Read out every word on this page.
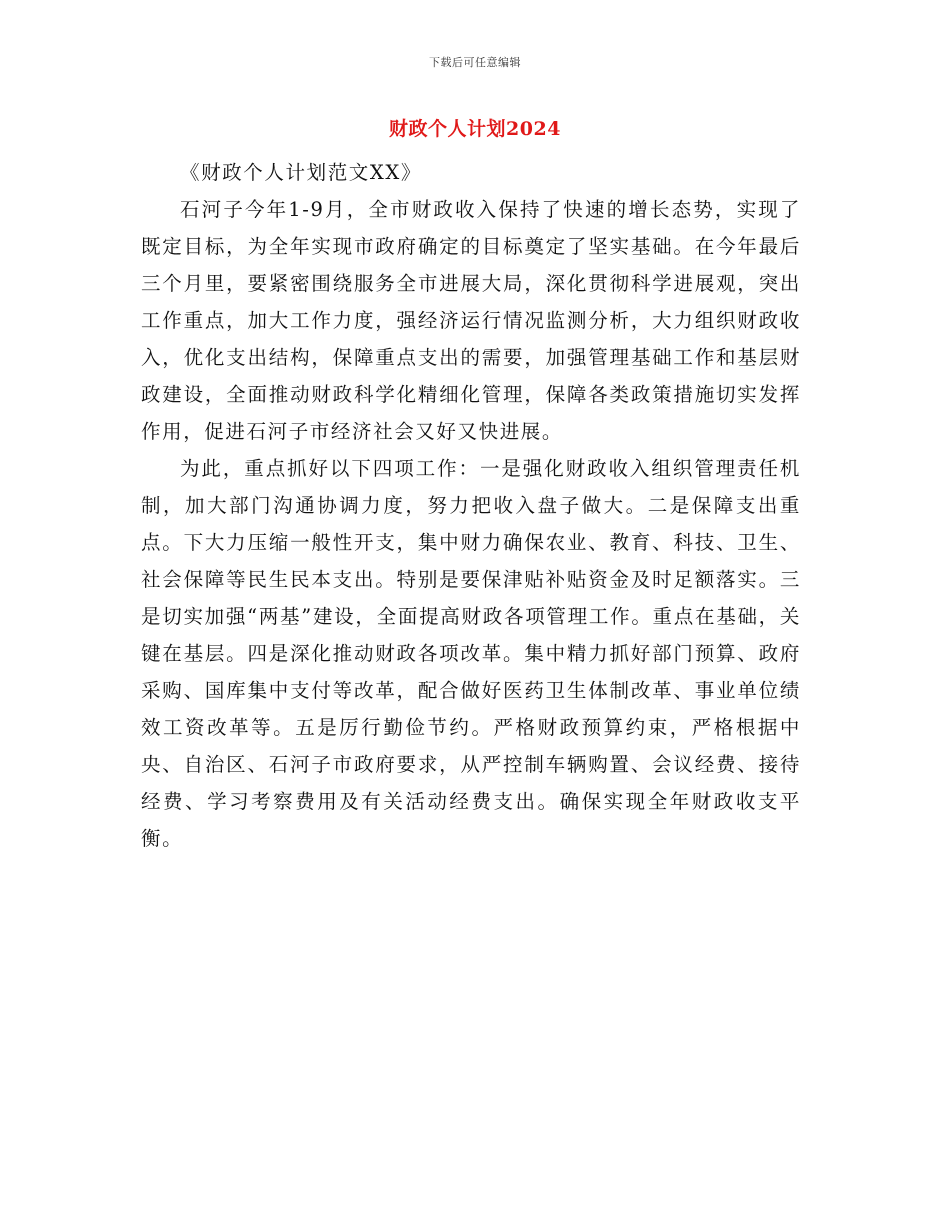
下载后可任意编辑
财政个人计划2024

《财政个人计划范文XX》

石河子今年1-9月，全市财政收入保持了快速的增长态势，实现了既定目标，为全年实现市政府确定的目标奠定了坚实基础。在今年最后三个月里，要紧密围绕服务全市进展大局，深化贯彻科学进展观，突出工作重点，加大工作力度，强经济运行情况监测分析，大力组织财政收入，优化支出结构，保障重点支出的需要，加强管理基础工作和基层财政建设，全面推动财政科学化精细化管理，保障各类政策措施切实发挥作用，促进石河子市经济社会又好又快进展。

为此，重点抓好以下四项工作：一是强化财政收入组织管理责任机制，加大部门沟通协调力度，努力把收入盘子做大。二是保障支出重点。下大力压缩一般性开支，集中财力确保农业、教育、科技、卫生、社会保障等民生民本支出。特别是要保津贴补贴资金及时足额落实。三是切实加强“两基”建设，全面提高财政各项管理工作。重点在基础，关键在基层。四是深化推动财政各项改革。集中精力抓好部门预算、政府采购、国库集中支付等改革，配合做好医药卫生体制改革、事业单位绩效工资改革等。五是厉行勤俭节约。严格财政预算约束，严格根据中央、自治区、石河子市政府要求，从严控制车辆购置、会议经费、接待经费、学习考察费用及有关活动经费支出。确保实现全年财政收支平衡。
